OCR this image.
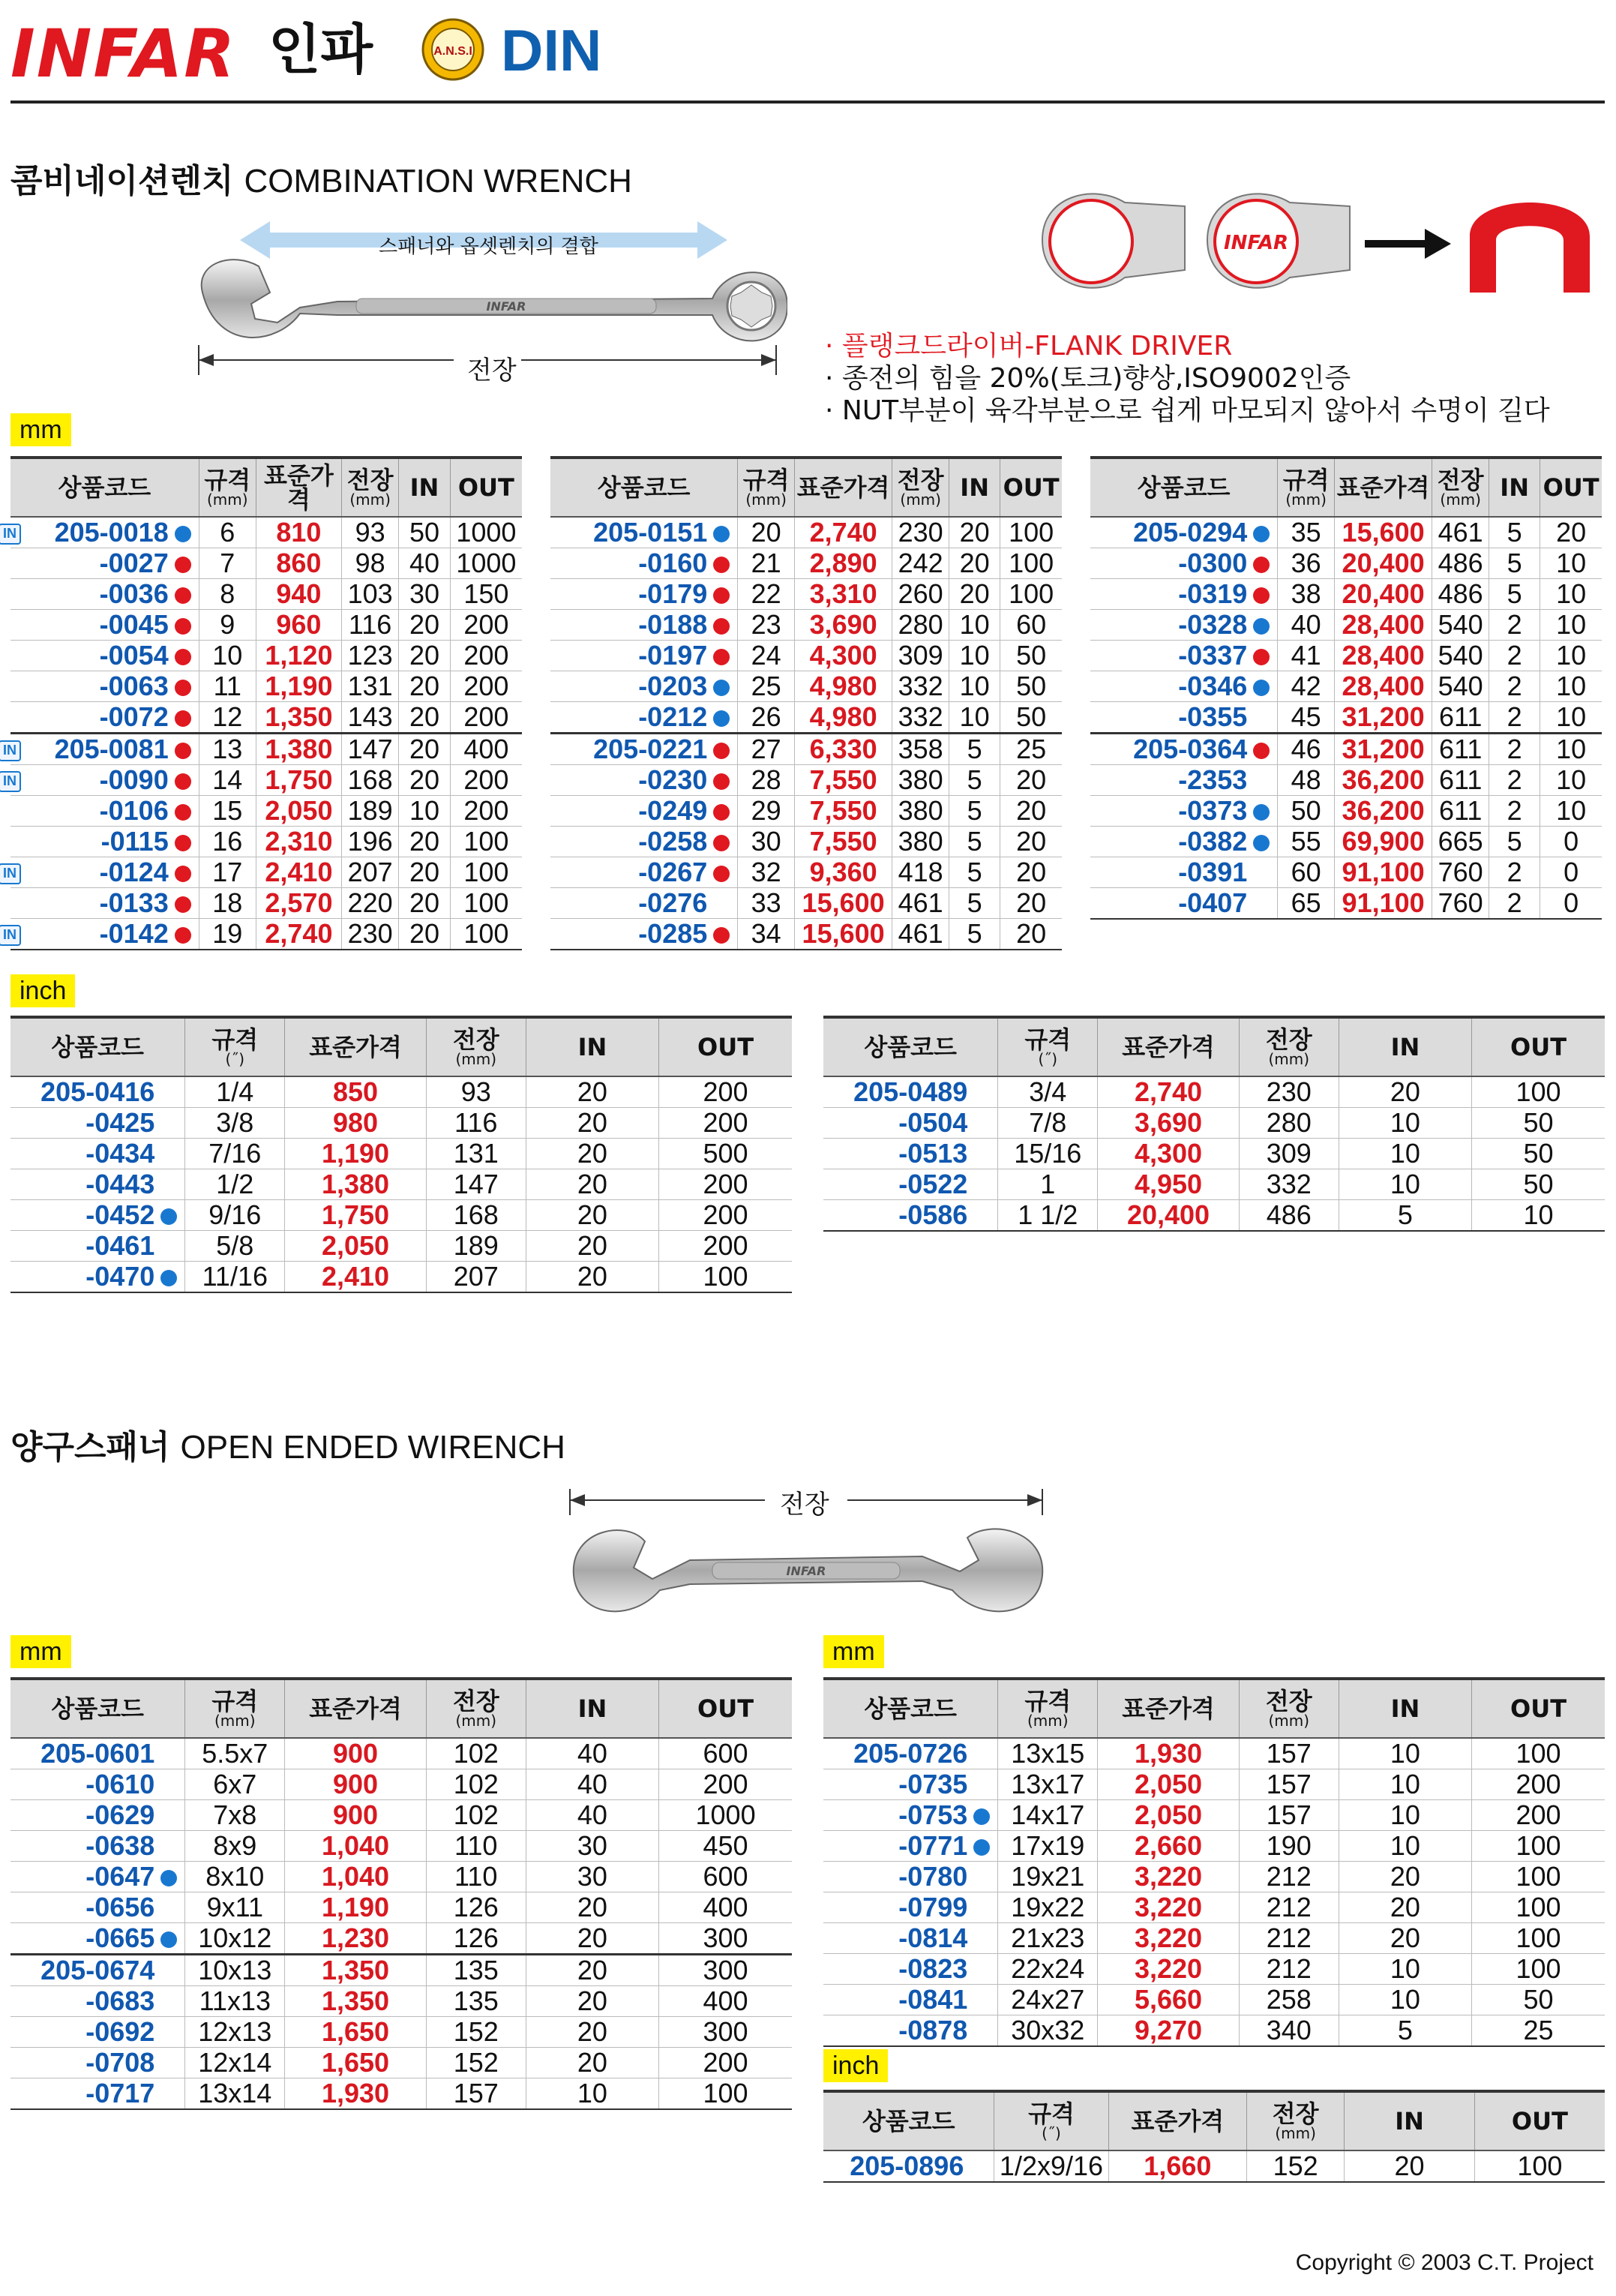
INFAR 인파	A.N.S.I DIN
콤비네이션렌치 COMBINATION WRENCH
INFAR
스패너와 옵셋렌치의 결합
전장
INFAR
· 플랭크드라이버-FLANK DRIVER
· 종전의 힘을 20%(토크)향상,ISO9002인증
· NUT부분이 육각부분으로 쉽게 마모되지 않아서 수명이 길다
mm
상품코드	규격
(mm)	표준가격	전장
(mm)	IN	OUT

IN 205-0018	6	810	93	50	1000
-0027	7	860	98	40	1000
-0036	8	940	103	30	150
-0045	9	960	116	20	200
-0054	10	1,120	123	20	200
-0063	11	1,190	131	20	200
-0072	12	1,350	143	20	200

IN 205-0081	13	1,380	147	20	400

IN -0090	14	1,750	168	20	200
-0106	15	2,050	189	10	200
-0115	16	2,310	196	20	100

IN -0124	17	2,410	207	20	100
-0133	18	2,570	220	20	100

IN -0142	19	2,740	230	20	100
상품코드	규격
(mm)	표준가격	전장
(mm)	IN	OUT
205-0151	20	2,740	230	20	100
-0160	21	2,890	242	20	100
-0179	22	3,310	260	20	100
-0188	23	3,690	280	10	60
-0197	24	4,300	309	10	50
-0203	25	4,980	332	10	50
-0212	26	4,980	332	10	50
205-0221	27	6,330	358	5	25
-0230	28	7,550	380	5	20
-0249	29	7,550	380	5	20
-0258	30	7,550	380	5	20
-0267	32	9,360	418	5	20
-0276	33	15,600	461	5	20
-0285	34	15,600	461	5	20
상품코드	규격
(mm)	표준가격	전장
(mm)	IN	OUT
205-0294	35	15,600	461	5	20
-0300	36	20,400	486	5	10
-0319	38	20,400	486	5	10
-0328	40	28,400	540	2	10
-0337	41	28,400	540	2	10
-0346	42	28,400	540	2	10
-0355	45	31,200	611	2	10
205-0364	46	31,200	611	2	10
-2353	48	36,200	611	2	10
-0373	50	36,200	611	2	10
-0382	55	69,900	665	5	0
-0391	60	91,100	760	2	0
-0407	65	91,100	760	2	0
inch
상품코드	규격
(˝)	표준가격	전장
(mm)	IN	OUT
205-0416	1/4	850	93	20	200
-0425	3/8	980	116	20	200
-0434	7/16	1,190	131	20	500
-0443	1/2	1,380	147	20	200
-0452	9/16	1,750	168	20	200
-0461	5/8	2,050	189	20	200
-0470	11/16	2,410	207	20	100
상품코드	규격
(˝)	표준가격	전장
(mm)	IN	OUT
205-0489	3/4	2,740	230	20	100
-0504	7/8	3,690	280	10	50
-0513	15/16	4,300	309	10	50
-0522	1	4,950	332	10	50
-0586	1 1/2	20,400	486	5	10
양구스패너 OPEN ENDED WIRENCH
INFAR
전장
mm	mm
상품코드	규격
(mm)	표준가격	전장
(mm)	IN	OUT
205-0601	5.5x7	900	102	40	600
-0610	6x7	900	102	40	200
-0629	7x8	900	102	40	1000
-0638	8x9	1,040	110	30	450
-0647	8x10	1,040	110	30	600
-0656	9x11	1,190	126	20	400
-0665	10x12	1,230	126	20	300
205-0674	10x13	1,350	135	20	300
-0683	11x13	1,350	135	20	400
-0692	12x13	1,650	152	20	300
-0708	12x14	1,650	152	20	200
-0717	13x14	1,930	157	10	100
상품코드	규격
(mm)	표준가격	전장
(mm)	IN	OUT
205-0726	13x15	1,930	157	10	100
-0735	13x17	2,050	157	10	200
-0753	14x17	2,050	157	10	200
-0771	17x19	2,660	190	10	100
-0780	19x21	3,220	212	20	100
-0799	19x22	3,220	212	20	100
-0814	21x23	3,220	212	20	100
-0823	22x24	3,220	212	10	100
-0841	24x27	5,660	258	10	50
-0878	30x32	9,270	340	5	25
inch
상품코드	규격
(˝)	표준가격	전장
(mm)	IN	OUT
205-0896	1/2x9/16	1,660	152	20	100
Copyright © 2003 C.T. Project
